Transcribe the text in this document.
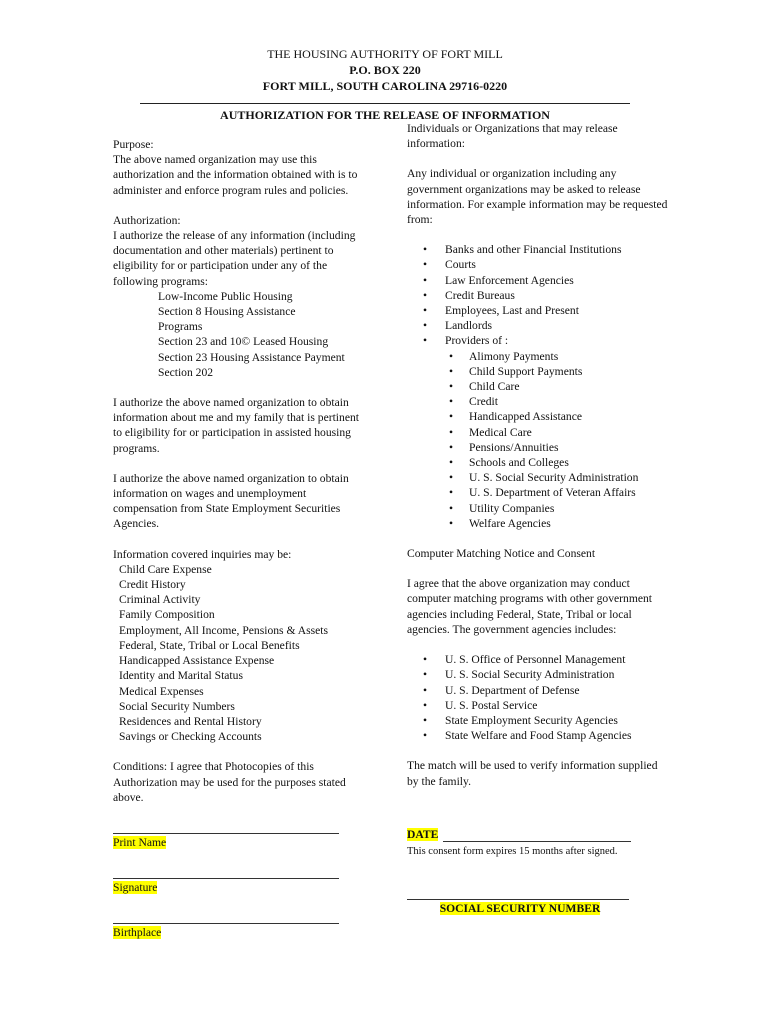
THE HOUSING AUTHORITY OF FORT MILL
P.O. BOX 220
FORT MILL, SOUTH CAROLINA 29716-0220
AUTHORIZATION FOR THE RELEASE OF INFORMATION
Purpose:

The above named organization may use this authorization and the information obtained with is to administer and enforce program rules and policies.

Authorization:

I authorize the release of any information (including documentation and other materials) pertinent to eligibility for or participation under any of the following programs:

Low-Income Public Housing
Section 8 Housing Assistance
Programs
Section 23 and 10© Leased Housing
Section 23 Housing Assistance Payment
Section 202

I authorize the above named organization to obtain information about me and my family that is pertinent to eligibility for or participation in assisted housing programs.

I authorize the above named organization to obtain information on wages and unemployment compensation from State Employment Securities Agencies.

Information covered inquiries may be:
Child Care Expense
Credit History
Criminal Activity
Family Composition
Employment, All Income, Pensions & Assets
Federal, State, Tribal or Local Benefits
Handicapped Assistance Expense
Identity and Marital Status
Medical Expenses
Social Security Numbers
Residences and Rental History
Savings or Checking Accounts

Conditions: I agree that Photocopies of this Authorization may be used for the purposes stated above.

Print Name
Signature
Birthplace

Individuals or Organizations that may release information:

Any individual or organization including any government organizations may be asked to release information. For example information may be requested from:

• Banks and other Financial Institutions
• Courts
• Law Enforcement Agencies
• Credit Bureaus
• Employees, Last and Present
• Landlords
• Providers of :
• Alimony Payments
• Child Support Payments
• Child Care
• Credit
• Handicapped Assistance
• Medical Care
• Pensions/Annuities
• Schools and Colleges
• U. S. Social Security Administration
• U. S. Department of Veteran Affairs
• Utility Companies
• Welfare Agencies
Computer Matching Notice and Consent

I agree that the above organization may conduct computer matching programs with other government agencies including Federal, State, Tribal or local agencies. The government agencies includes:

• U. S. Office of Personnel Management
• U. S. Social Security Administration
• U. S. Department of Defense
• U. S. Postal Service
• State Employment Security Agencies
• State Welfare and Food Stamp Agencies

The match will be used to verify information supplied by the family.

DATE
This consent form expires 15 months after signed.
SOCIAL SECURITY NUMBER
